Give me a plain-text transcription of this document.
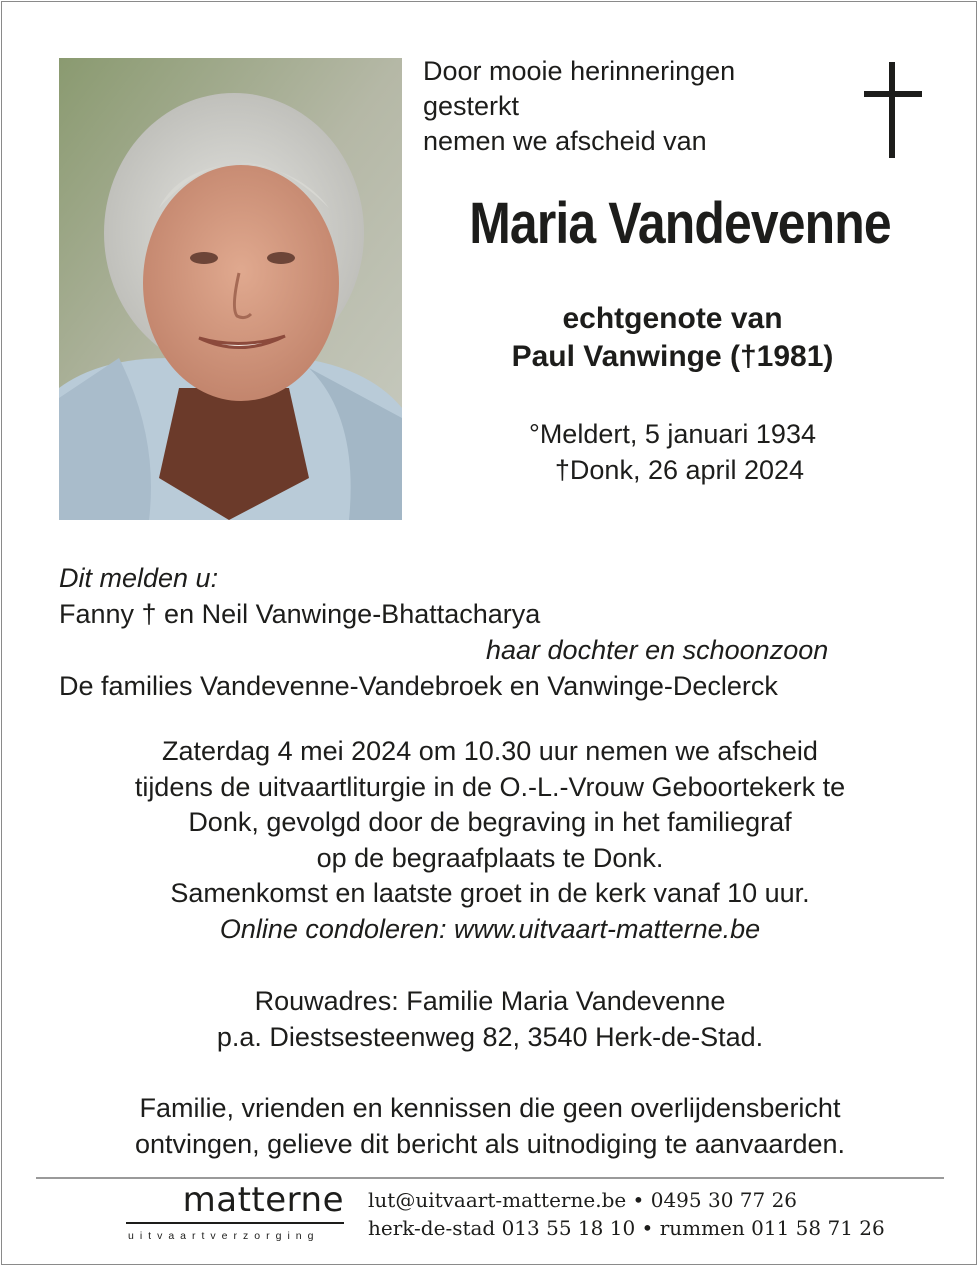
Door mooie herinneringen
gesterkt
nemen we afscheid van
Maria Vandevenne
echtgenote van
Paul Vanwinge (†1981)
°Meldert, 5 januari 1934
†Donk, 26 april 2024
Dit melden u:
Fanny † en Neil Vanwinge-Bhattacharya
haar dochter en schoonzoon
De families Vandevenne-Vandebroek en Vanwinge-Declerck
Zaterdag 4 mei 2024 om 10.30 uur nemen we afscheid
tijdens de uitvaartliturgie in de O.-L.-Vrouw Geboortekerk te
Donk, gevolgd door de begraving in het familiegraf
op de begraafplaats te Donk.
Samenkomst en laatste groet in de kerk vanaf 10 uur.
Online condoleren: www.uitvaart-matterne.be
Rouwadres: Familie Maria Vandevenne
p.a. Diestsesteenweg 82, 3540 Herk-de-Stad.
Familie, vrienden en kennissen die geen overlijdensbericht
ontvingen, gelieve dit bericht als uitnodiging te aanvaarden.
matterne
uitvaartverzorging
lut@uitvaart-matterne.be • 0495 30 77 26
herk-de-stad 013 55 18 10 • rummen 011 58 71 26
